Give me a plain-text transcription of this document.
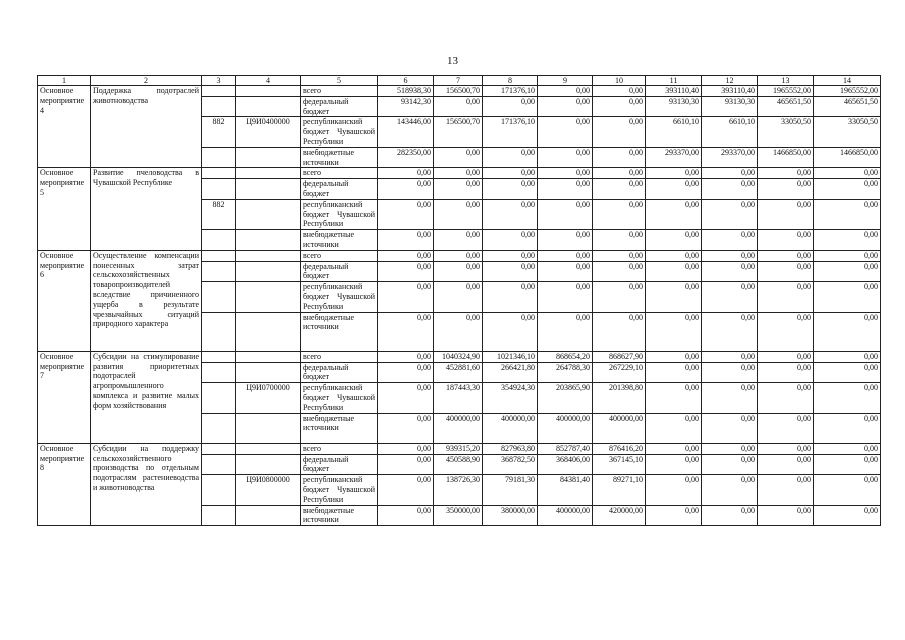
13
1	2	3	4	5	6	7	8	9	10	11	12	13	14
Основное мероприятие 4	Поддержка подотраслей животноводства			всего	518938,30	156500,70	171376,10	0,00	0,00	393110,40	393110,40	1965552,00	1965552,00
				федеральный бюджет	93142,30	0,00	0,00	0,00	0,00	93130,30	93130,30	465651,50	465651,50
		882	Ц9И0400000	республиканский бюджет Чувашской Республики	143446,00	156500,70	171376,10	0,00	0,00	6610,10	6610,10	33050,50	33050,50
				внебюджетные источники	282350,00	0,00	0,00	0,00	0,00	293370,00	293370,00	1466850,00	1466850,00
Основное мероприятие 5	Развитие пчеловодства в Чувашской Республике			всего	0,00	0,00	0,00	0,00	0,00	0,00	0,00	0,00	0,00
				федеральный бюджет	0,00	0,00	0,00	0,00	0,00	0,00	0,00	0,00	0,00
		882		республиканский бюджет Чувашской Республики	0,00	0,00	0,00	0,00	0,00	0,00	0,00	0,00	0,00
				внебюджетные источники	0,00	0,00	0,00	0,00	0,00	0,00	0,00	0,00	0,00
Основное мероприятие 6	Осуществление компенсации понесенных затрат сельскохозяйственных товаропроизводителей вследствие причиненного ущерба в результате чрезвычайных ситуаций природного характера			всего	0,00	0,00	0,00	0,00	0,00	0,00	0,00	0,00	0,00
				федеральный бюджет	0,00	0,00	0,00	0,00	0,00	0,00	0,00	0,00	0,00
				республиканский бюджет Чувашской Республики	0,00	0,00	0,00	0,00	0,00	0,00	0,00	0,00	0,00
				внебюджетные источники	0,00	0,00	0,00	0,00	0,00	0,00	0,00	0,00	0,00
Основное мероприятие 7	Субсидии на стимулирование развития приоритетных подотраслей агропромышленного комплекса и развитие малых форм хозяйствования			всего	0,00	1040324,90	1021346,10	868654,20	868627,90	0,00	0,00	0,00	0,00
				федеральный бюджет	0,00	452881,60	266421,80	264788,30	267229,10	0,00	0,00	0,00	0,00
			Ц9И0700000	республиканский бюджет Чувашской Республики	0,00	187443,30	354924,30	203865,90	201398,80	0,00	0,00	0,00	0,00
				внебюджетные источники	0,00	400000,00	400000,00	400000,00	400000,00	0,00	0,00	0,00	0,00
Основное мероприятие 8	Субсидии на поддержку сельскохозяйственного производства по отдельным подотраслям растениеводства и животноводства			всего	0,00	939315,20	827963,80	852787,40	876416,20	0,00	0,00	0,00	0,00
				федеральный бюджет	0,00	450588,90	368782,50	368406,00	367145,10	0,00	0,00	0,00	0,00
			Ц9И0800000	республиканский бюджет Чувашской Республики	0,00	138726,30	79181,30	84381,40	89271,10	0,00	0,00	0,00	0,00
				внебюджетные источники	0,00	350000,00	380000,00	400000,00	420000,00	0,00	0,00	0,00	0,00
